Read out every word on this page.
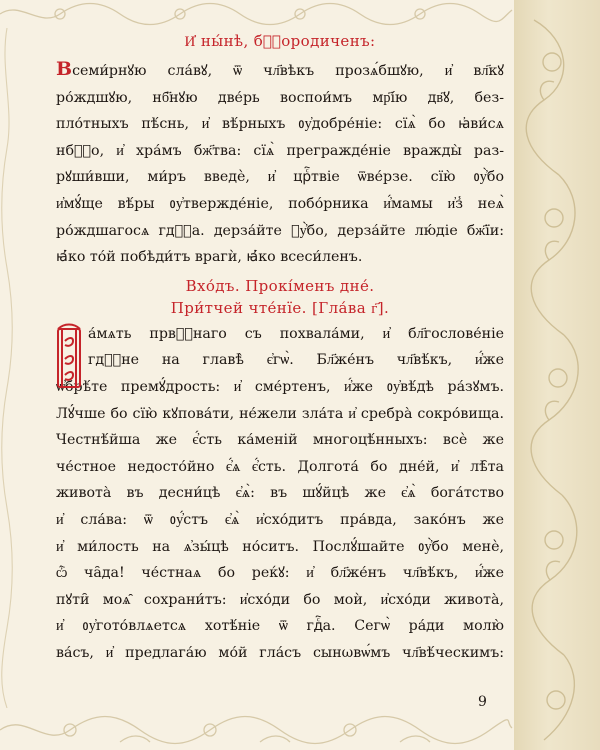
И҆ ны́нѣ, бⷢ҇ородиченъ:

Всеми́рнꙋю сла́вꙋ, ѿ чл҃вѣкъ прозѧ́бшꙋю, и҆ вл҃кꙋ
ро́ждшꙋю, нб҃нꙋю две́рь воспои́мъ мр҃і́ю дв҃ꙋ, без-
пло́тныхъ пѣ́снь, и҆ вѣ́рныхъ ᲂу҆добре́ніе: сїѧ̀ бо ꙗ҆ви́сѧ
нбⷭ҇о, и҆ хра́мъ бж҃тва: сїѧ̀ прегражде́ніе вражды̀ раз-
рꙋши́вши, ми́ръ введѐ, и҆ црⷭ҇твіе ѿве́рзе. сїю̀ ᲂу҆̀бо
и҆мꙋ́ще вѣ́ры ᲂу҆твержде́ніе, побо́рника и҆́мамы и҆з̾ неѧ̀
ро́ждшагосѧ гдⷭ҇а. дерза́йте ᲂу҆̀бо, дерза́йте лю́діе бж҃їи:
ꙗ҆́ко то́й побѣди́тъ врагѝ, ꙗ҆́ко всеси́ленъ.

Вхо́дъ. Прокі́менъ дне́.
При́тчей чте́нїе. [Гла́ва г҃].

а́мѧть првⷣ҇наго съ похвала́ми, и҆ бл҃гослове́ніе
гдⷭ҇не на главѣ̀ є҆гѡ̀. Бл҃же́нъ чл҃вѣ́къ, и҆́же
ѡ҆брѣ́те премꙋ́дрость: и҆ сме́ртенъ, и҆́же ᲂу҆вѣ́дѣ ра́зꙋмъ.
Лꙋ́чше бо сїю̀ кꙋпова́ти, не́жели зла́та и҆ сребра̀ сокро́вища.
Честнѣ́йша же є҆́сть ка́меній многоцѣ́нныхъ: всѐ же
че́стное недосто́йно є҆́ѧ є҆́сть. Долгота́ бо дне́й, и҆ лѣ̑та
живота̀ въ десни́цѣ є҆ѧ̀: въ шꙋ́йцѣ же є҆ѧ̀ бога́тство
и҆ сла́ва: ѿ ᲂу҆́стъ є҆ѧ̀ и҆схо́дитъ пра́вда, зако́нъ же
и҆ ми́лость на ѧ҆зы́цѣ но́ситъ. Послꙋ́шайте ᲂу҆̀бо менѐ,
ѽ ча̑да! че́стнаѧ бо реќꙋ: и҆ бл҃же́нъ чл҃вѣ́къ, и҆́же
пꙋти̑ моѧ̑ сохрани́тъ: и҆схо́ди бо моѝ, и҆схо́ди живота̀,
и҆ ᲂу҆гото́влѧетсѧ хотѣ́ніе ѿ гдⷭ҇а. Сегѡ̀ ра́ди молю̀
ва́съ, и҆ предлага́ю мо́й гла́съ сынωвѡ́мъ чл҃вѣ́ческимъ:

9
